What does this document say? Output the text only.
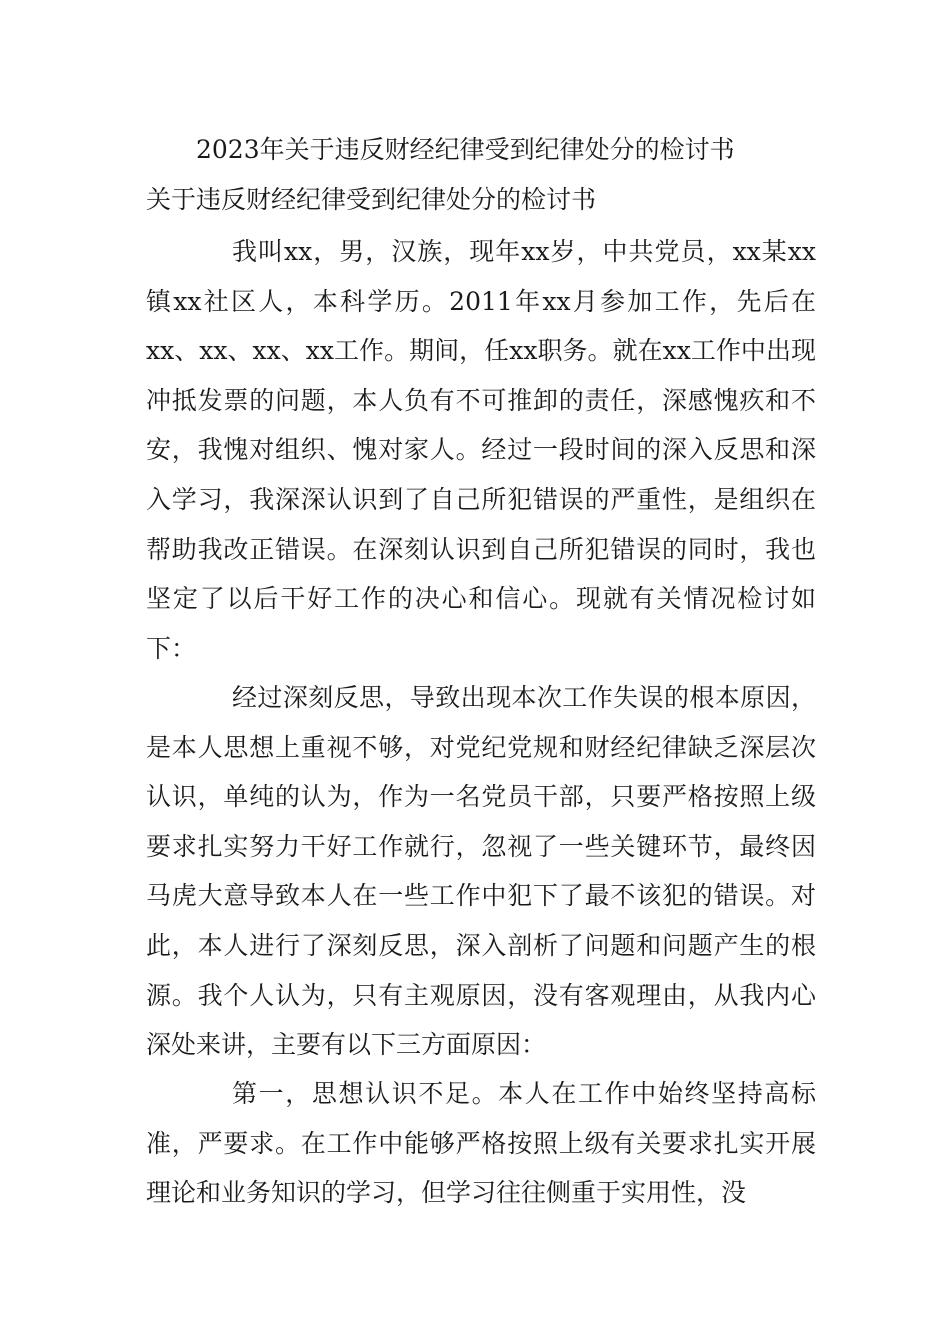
2023年关于违反财经纪律受到纪律处分的检讨书
关于违反财经纪律受到纪律处分的检讨书

我叫xx，男，汉族，现年xx岁，中共党员，xx某xx镇xx社区人，本科学历。2011年xx月参加工作，先后在xx、xx、xx、xx工作。期间，任xx职务。就在xx工作中出现冲抵发票的问题，本人负有不可推卸的责任，深感愧疚和不安，我愧对组织、愧对家人。经过一段时间的深入反思和深入学习，我深深认识到了自己所犯错误的严重性，是组织在帮助我改正错误。在深刻认识到自己所犯错误的同时，我也坚定了以后干好工作的决心和信心。现就有关情况检讨如下：

经过深刻反思，导致出现本次工作失误的根本原因，是本人思想上重视不够，对党纪党规和财经纪律缺乏深层次认识，单纯的认为，作为一名党员干部，只要严格按照上级要求扎实努力干好工作就行，忽视了一些关键环节，最终因马虎大意导致本人在一些工作中犯下了最不该犯的错误。对此，本人进行了深刻反思，深入剖析了问题和问题产生的根源。我个人认为，只有主观原因，没有客观理由，从我内心深处来讲，主要有以下三方面原因：

第一，思想认识不足。本人在工作中始终坚持高标准，严要求。在工作中能够严格按照上级有关要求扎实开展理论和业务知识的学习，但学习往往侧重于实用性，没
